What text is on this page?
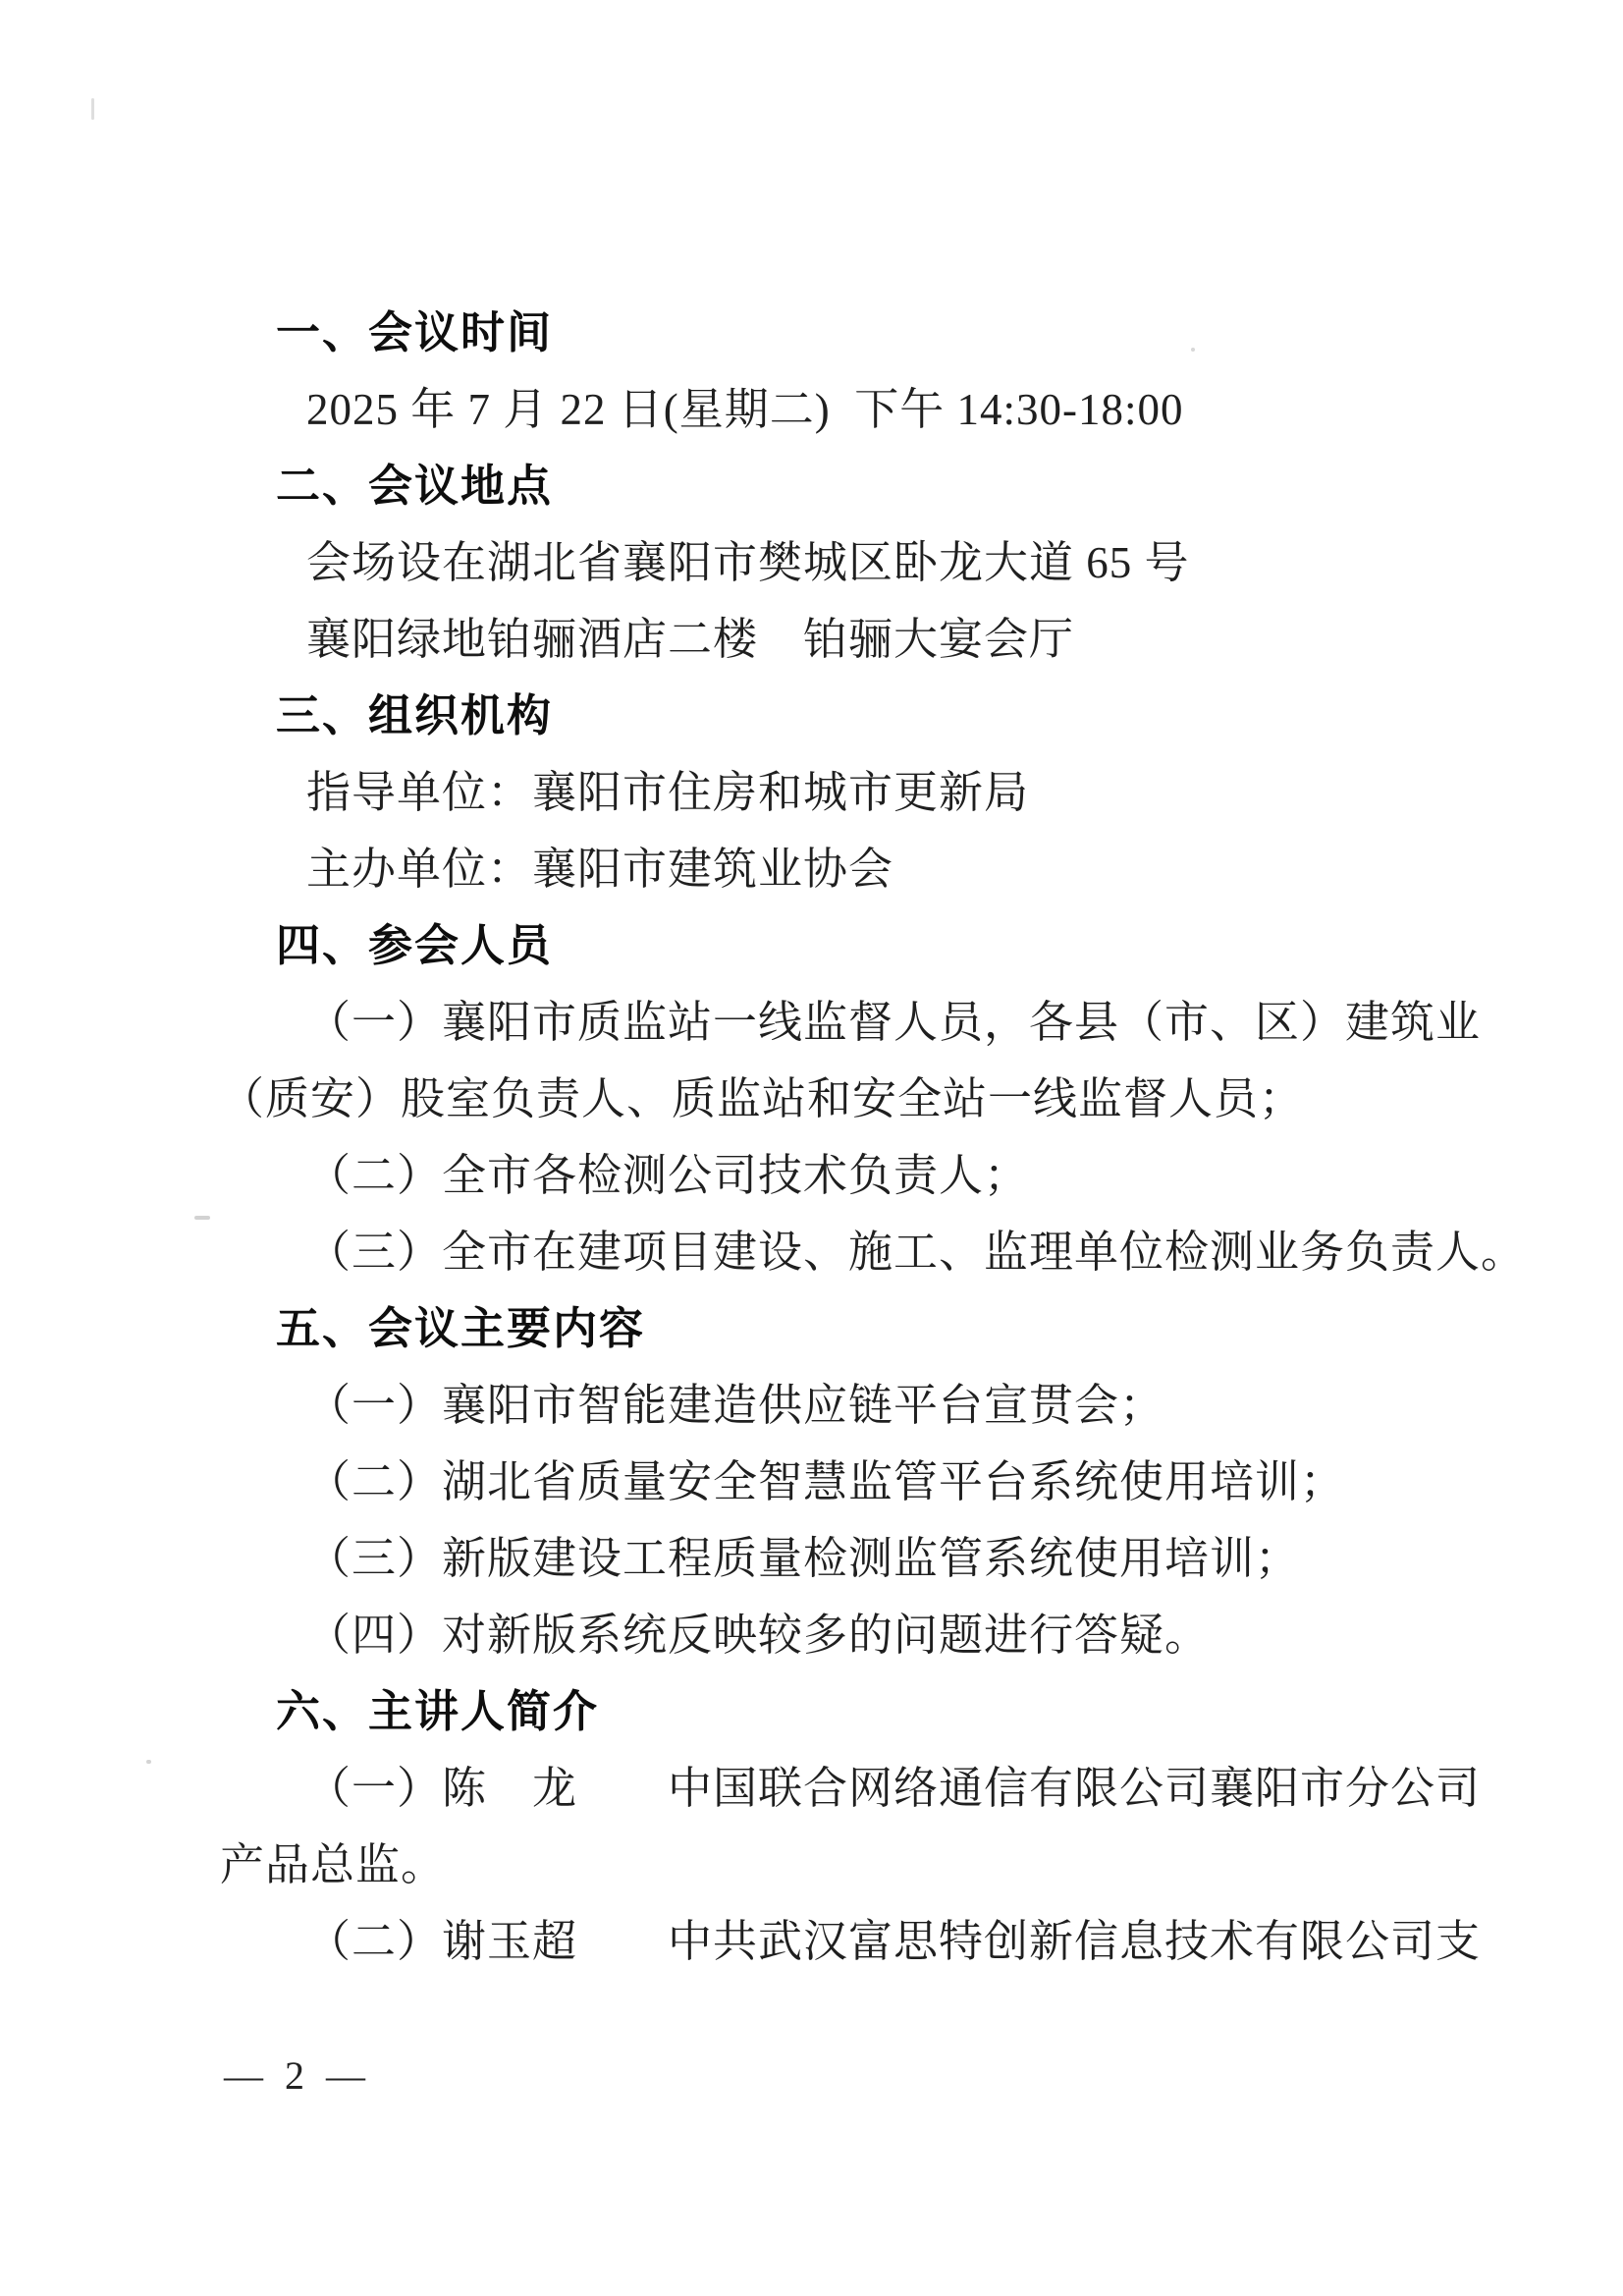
一、会议时间
2025 年 7 月 22 日(星期二)  下午 14:30-18:00
二、会议地点
会场设在湖北省襄阳市樊城区卧龙大道 65 号
襄阳绿地铂骊酒店二楼　铂骊大宴会厅
三、组织机构
指导单位：襄阳市住房和城市更新局
主办单位：襄阳市建筑业协会
四、参会人员
（一）襄阳市质监站一线监督人员，各县（市、区）建筑业
（质安）股室负责人、质监站和安全站一线监督人员；
（二）全市各检测公司技术负责人；
（三）全市在建项目建设、施工、监理单位检测业务负责人。
五、会议主要内容
（一）襄阳市智能建造供应链平台宣贯会；
（二）湖北省质量安全智慧监管平台系统使用培训；
（三）新版建设工程质量检测监管系统使用培训；
（四）对新版系统反映较多的问题进行答疑。
六、主讲人简介
（一）陈　龙　　中国联合网络通信有限公司襄阳市分公司
产品总监。
（二）谢玉超　　中共武汉富思特创新信息技术有限公司支
— 2 —
